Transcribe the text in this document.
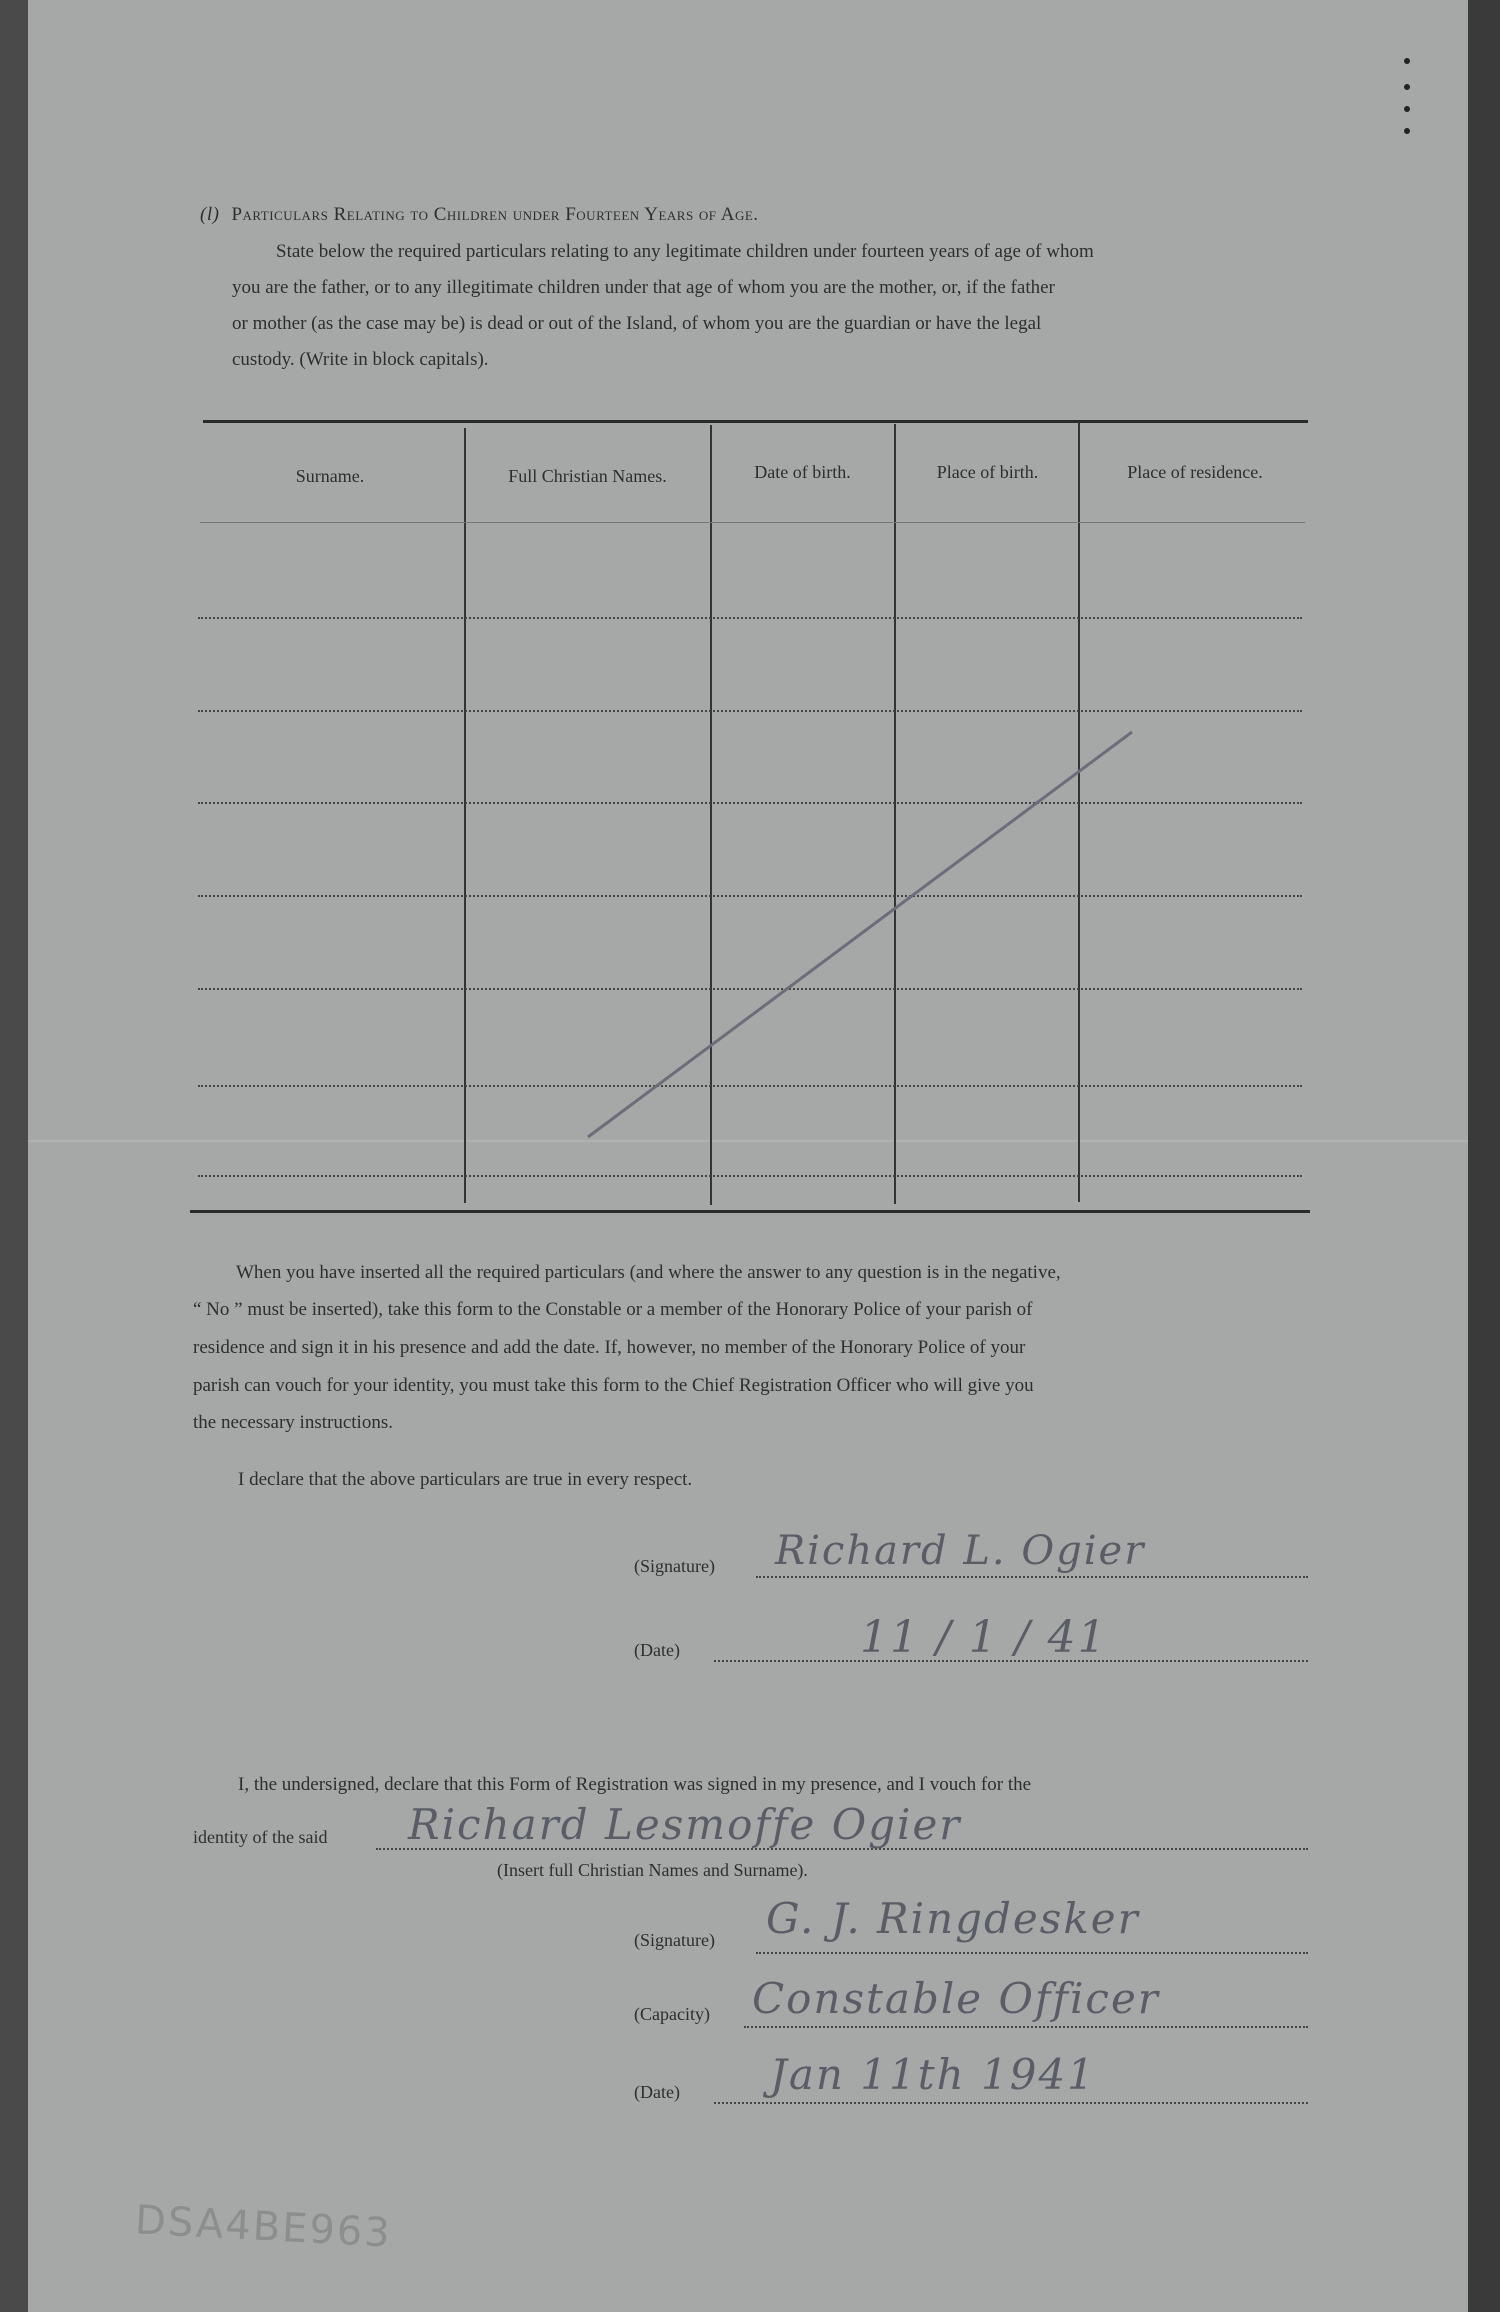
(l) Particulars Relating to Children under Fourteen Years of Age.
State below the required particulars relating to any legitimate children under fourteen years of age of whom
you are the father, or to any illegitimate children under that age of whom you are the mother, or, if the father
or mother (as the case may be) is dead or out of the Island, of whom you are the guardian or have the legal
custody. (Write in block capitals).
Surname.	Full Christian Names.	Date of birth.	Place of birth.	Place of residence.
When you have inserted all the required particulars (and where the answer to any question is in the negative,
“ No ” must be inserted), take this form to the Constable or a member of the Honorary Police of your parish of
residence and sign it in his presence and add the date. If, however, no member of the Honorary Police of your
parish can vouch for your identity, you must take this form to the Chief Registration Officer who will give you
the necessary instructions.
I declare that the above particulars are true in every respect.
(Signature) Richard L. Ogier
(Date)	11 / 1 / 41
I, the undersigned, declare that this Form of Registration was signed in my presence, and I vouch for the
identity of the said Richard Lesmoffe Ogier
(Insert full Christian Names and Surname).
(Signature) G. J. Ringdesker
(Capacity) Constable Officer
(Date) Jan 11th 1941
DSA4BE963
